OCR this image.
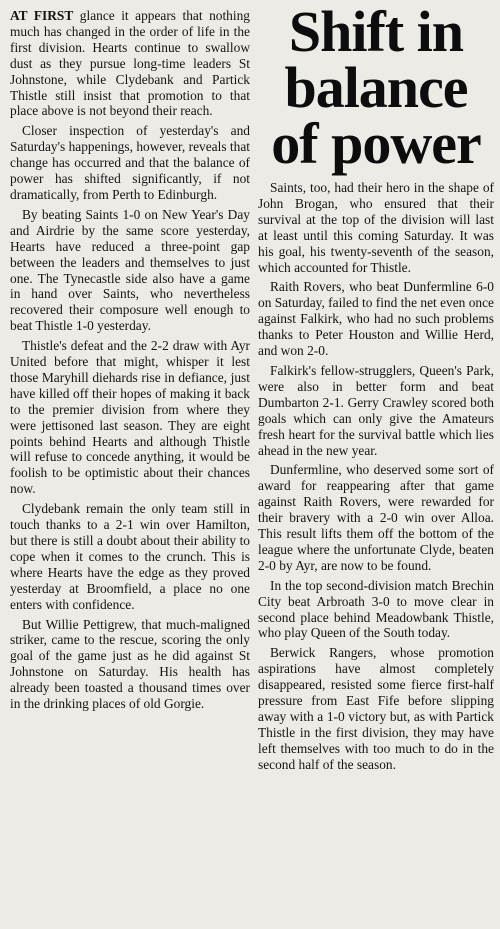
AT FIRST glance it appears that nothing much has changed in the order of life in the first division. Hearts continue to swallow dust as they pursue long-time leaders St Johnstone, while Clydebank and Partick Thistle still insist that promotion to that place above is not beyond their reach.

Closer inspection of yesterday's and Saturday's happenings, however, reveals that change has occurred and that the balance of power has shifted significantly, if not dramatically, from Perth to Edinburgh.

By beating Saints 1-0 on New Year's Day and Airdrie by the same score yesterday, Hearts have reduced a three-point gap between the leaders and themselves to just one. The Tynecastle side also have a game in hand over Saints, who nevertheless recovered their composure well enough to beat Thistle 1-0 yesterday.

Thistle's defeat and the 2-2 draw with Ayr United before that might, whisper it lest those Maryhill diehards rise in defiance, just have killed off their hopes of making it back to the premier division from where they were jettisoned last season. They are eight points behind Hearts and although Thistle will refuse to concede anything, it would be foolish to be optimistic about their chances now.

Clydebank remain the only team still in touch thanks to a 2-1 win over Hamilton, but there is still a doubt about their ability to cope when it comes to the crunch. This is where Hearts have the edge as they proved yesterday at Broomfield, a place no one enters with confidence.

But Willie Pettigrew, that much-maligned striker, came to the rescue, scoring the only goal of the game just as he did against St Johnstone on Saturday. His health has already been toasted a thousand times over in the drinking places of old Gorgie.

Shift in
balance
of power

Saints, too, had their hero in the shape of John Brogan, who ensured that their survival at the top of the division will last at least until this coming Saturday. It was his goal, his twenty-seventh of the season, which accounted for Thistle.

Raith Rovers, who beat Dunfermline 6-0 on Saturday, failed to find the net even once against Falkirk, who had no such problems thanks to Peter Houston and Willie Herd, and won 2-0.

Falkirk's fellow-strugglers, Queen's Park, were also in better form and beat Dumbarton 2-1. Gerry Crawley scored both goals which can only give the Amateurs fresh heart for the survival battle which lies ahead in the new year.

Dunfermline, who deserved some sort of award for reappearing after that game against Raith Rovers, were rewarded for their bravery with a 2-0 win over Alloa. This result lifts them off the bottom of the league where the unfortunate Clyde, beaten 2-0 by Ayr, are now to be found.

In the top second-division match Brechin City beat Arbroath 3-0 to move clear in second place behind Meadowbank Thistle, who play Queen of the South today.

Berwick Rangers, whose promotion aspirations have almost completely disappeared, resisted some fierce first-half pressure from East Fife before slipping away with a 1-0 victory but, as with Partick Thistle in the first division, they may have left themselves with too much to do in the second half of the season.
